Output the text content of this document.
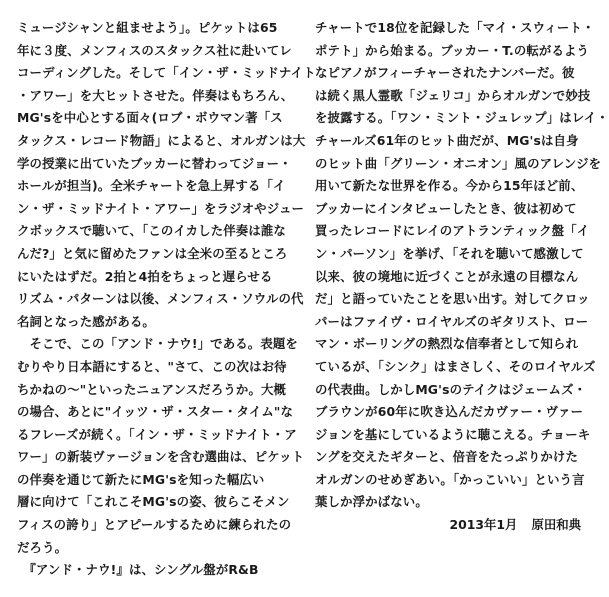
ミュージシャンと組ませよう」。ピケットは65
年に３度、メンフィスのスタックス社に赴いてレ
コーディングした。そして「イン・ザ・ミッドナイト
・アワー」を大ヒットさせた。伴奏はもちろん、
MG'sを中心とする面々(ロブ・ボウマン著「ス
タックス・レコード物語」によると、オルガンは大
学の授業に出ていたブッカーに替わってジョー・
ホールが担当)。全米チャートを急上昇する「イ
ン・ザ・ミッドナイト・アワー」をラジオやジュー
クボックスで聴いて、「このイカした伴奏は誰な
んだ?」と気に留めたファンは全米の至るところ
にいたはずだ。2拍と4拍をちょっと遅らせる
リズム・パターンは以後、メンフィス・ソウルの代
名詞となった感がある。
　そこで、この「アンド・ナウ!」である。表題を
むりやり日本語にすると、"さて、この次はお待
ちかねの〜"といったニュアンスだろうか。大概
の場合、あとに"イッツ・ザ・スター・タイム"な
るフレーズが続く。「イン・ザ・ミッドナイト・ア
ワー」の新装ヴァージョンを含む選曲は、ピケット
の伴奏を通じて新たにMG'sを知った幅広い
層に向けて「これこそMG'sの姿、彼らこそメン
フィスの誇り」とアピールするために練られたの
だろう。
　『アンド・ナウ!』は、シングル盤がR&B
チャートで18位を記録した「マイ・スウィート・
ポテト」から始まる。ブッカー・T.の転がるよう
なピアノがフィーチャーされたナンバーだ。彼
は続く黒人霊歌「ジェリコ」からオルガンで妙技
を披露する。「ワン・ミント・ジュレップ」はレイ・
チャールズ61年のヒット曲だが、MG'sは自身
のヒット曲「グリーン・オニオン」風のアレンジを
用いて新たな世界を作る。今から15年ほど前、
ブッカーにインタビューしたとき、彼は初めて
買ったレコードにレイのアトランティック盤「イ
ン・パーソン」を挙げ、「それを聴いて感激して
以来、彼の境地に近づくことが永遠の目標なん
だ」と語っていたことを思い出す。対してクロッ
パーはファイヴ・ロイヤルズのギタリスト、ロー
マン・ボーリングの熱烈な信奉者として知られ
ているが、「シンク」はまさしく、そのロイヤルズ
の代表曲。しかしMG'sのテイクはジェームズ・
ブラウンが60年に吹き込んだカヴァー・ヴァー
ジョンを基にしているように聴こえる。チョーキ
ングを交えたギターと、倍音をたっぷりかけた
オルガンのせめぎあい。「かっこいい」という言
葉しか浮かばない。
2013年1月 原田和典
